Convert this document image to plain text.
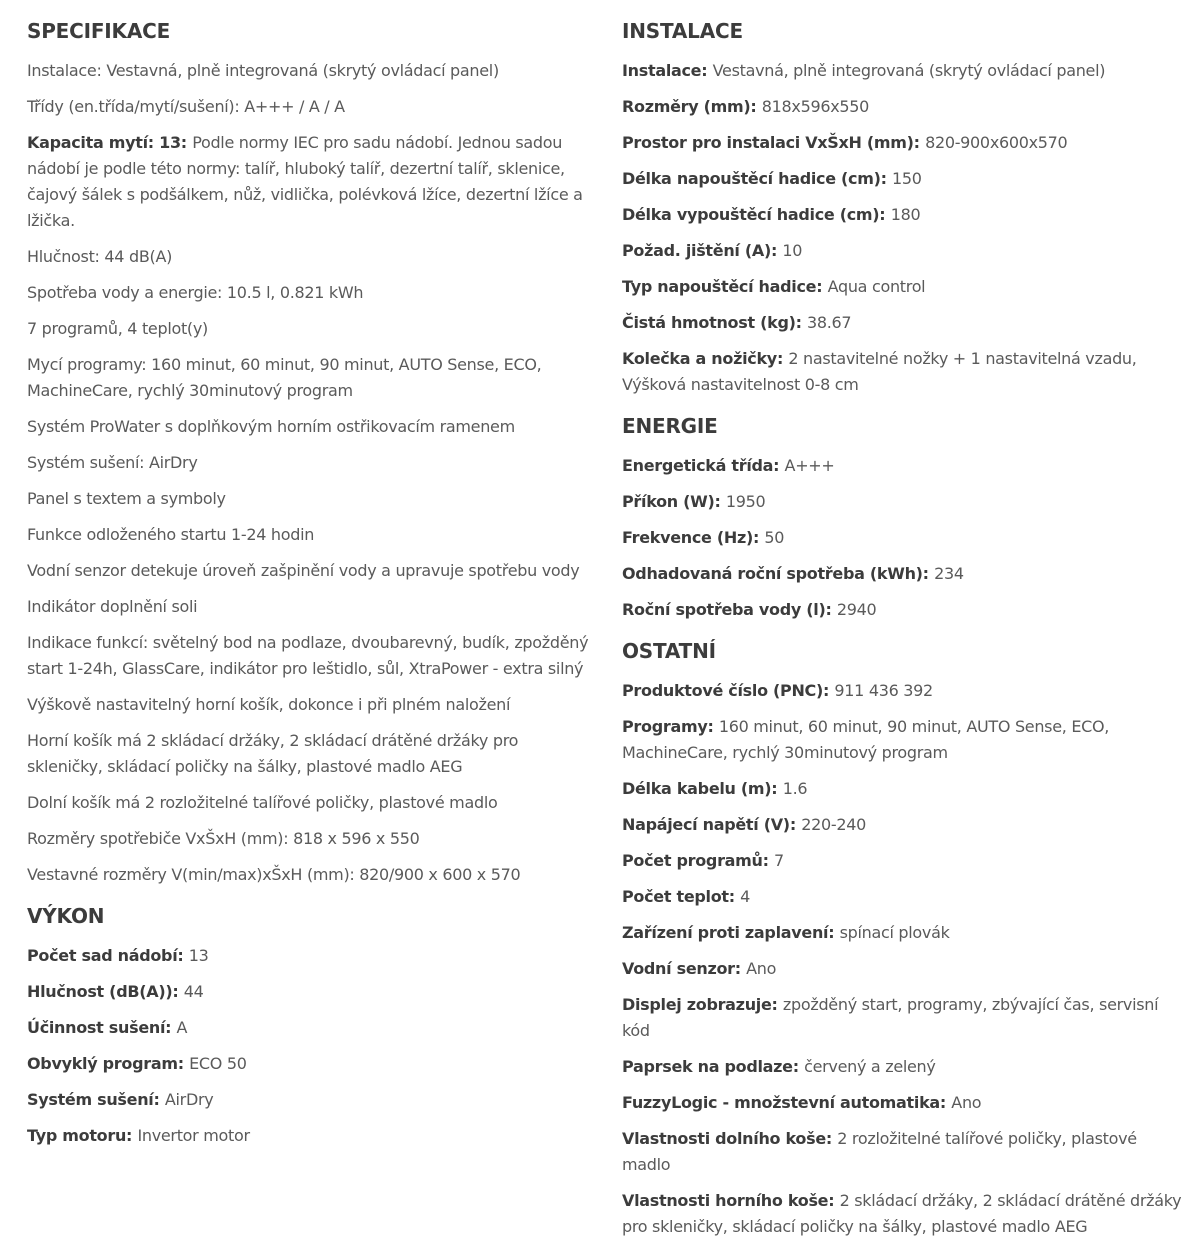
SPECIFIKACE
Instalace: Vestavná, plně integrovaná (skrytý ovládací panel)
Třídy (en.třída/mytí/sušení): A+++ / A / A
Kapacita mytí: 13: Podle normy IEC pro sadu nádobí. Jednou sadou nádobí je podle této normy: talíř, hluboký talíř, dezertní talíř, sklenice, čajový šálek s podšálkem, nůž, vidlička, polévková lžíce, dezertní lžíce a lžička.
Hlučnost: 44 dB(A)
Spotřeba vody a energie: 10.5 l, 0.821 kWh
7 programů, 4 teplot(y)
Mycí programy: 160 minut, 60 minut, 90 minut, AUTO Sense, ECO, MachineCare, rychlý 30minutový program
Systém ProWater s doplňkovým horním ostřikovacím ramenem
Systém sušení: AirDry
Panel s textem a symboly
Funkce odloženého startu 1-24 hodin
Vodní senzor detekuje úroveň zašpinění vody a upravuje spotřebu vody
Indikátor doplnění soli
Indikace funkcí: světelný bod na podlaze, dvoubarevný, budík, zpožděný start 1-24h, GlassCare, indikátor pro leštidlo, sůl, XtraPower - extra silný
Výškově nastavitelný horní košík, dokonce i při plném naložení
Horní košík má 2 skládací držáky, 2 skládací drátěné držáky pro skleničky, skládací poličky na šálky, plastové madlo AEG
Dolní košík má 2 rozložitelné talířové poličky, plastové madlo
Rozměry spotřebiče VxŠxH (mm): 818 x 596 x 550
Vestavné rozměry V(min/max)xŠxH (mm): 820/900 x 600 x 570
VÝKON
Počet sad nádobí: 13
Hlučnost (dB(A)): 44
Účinnost sušení: A
Obvyklý program: ECO 50
Systém sušení: AirDry
Typ motoru: Invertor motor
INSTALACE
Instalace: Vestavná, plně integrovaná (skrytý ovládací panel)
Rozměry (mm): 818x596x550
Prostor pro instalaci VxŠxH (mm): 820-900x600x570
Délka napouštěcí hadice (cm): 150
Délka vypouštěcí hadice (cm): 180
Požad. jištění (A): 10
Typ napouštěcí hadice: Aqua control
Čistá hmotnost (kg): 38.67
Kolečka a nožičky: 2 nastavitelné nožky + 1 nastavitelná vzadu, Výšková nastavitelnost 0-8 cm
ENERGIE
Energetická třída: A+++
Příkon (W): 1950
Frekvence (Hz): 50
Odhadovaná roční spotřeba (kWh): 234
Roční spotřeba vody (l): 2940
OSTATNÍ
Produktové číslo (PNC): 911 436 392
Programy: 160 minut, 60 minut, 90 minut, AUTO Sense, ECO, MachineCare, rychlý 30minutový program
Délka kabelu (m): 1.6
Napájecí napětí (V): 220-240
Počet programů: 7
Počet teplot: 4
Zařízení proti zaplavení: spínací plovák
Vodní senzor: Ano
Displej zobrazuje: zpožděný start, programy, zbývající čas, servisní kód
Paprsek na podlaze: červený a zelený
FuzzyLogic - množstevní automatika: Ano
Vlastnosti dolního koše: 2 rozložitelné talířové poličky, plastové madlo
Vlastnosti horního koše: 2 skládací držáky, 2 skládací drátěné držáky pro skleničky, skládací poličky na šálky, plastové madlo AEG
